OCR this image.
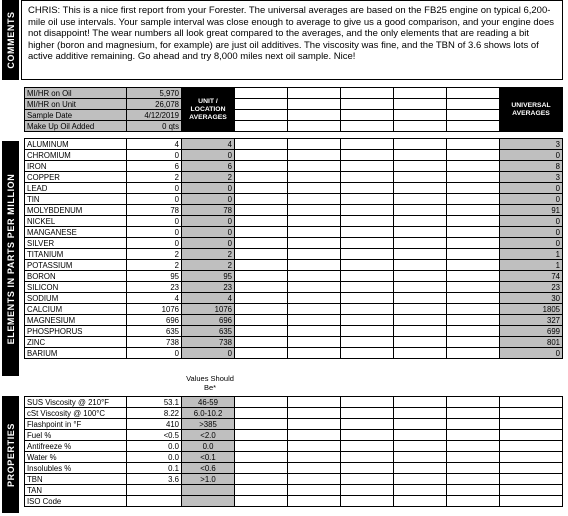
COMMENTS
CHRIS: This is a nice first report from your Forester. The universal averages are based on the FB25 engine on typical 6,200-mile oil use intervals. Your sample interval was close enough to average to give us a good comparison, and your engine does not disappoint! The wear numbers all look great compared to the averages, and the only elements that are reading a bit higher (boron and magnesium, for example) are just oil additives. The viscosity was fine, and the TBN of 3.6 shows lots of active additive remaining. Go ahead and try 8,000 miles next oil sample. Nice!
ELEMENTS IN PARTS PER MILLION
MI/HR on Oil	5,970	UNIT / LOCATION AVERAGES						UNIVERSAL AVERAGES
MI/HR on Unit	26,078							
Sample Date	4/12/2019							
Make Up Oil Added	0 qts							

ALUMINUM	4	4						3
CHROMIUM	0	0						0
IRON	6	6						8
COPPER	2	2						3
LEAD	0	0						0
TIN	0	0						0
MOLYBDENUM	78	78						91
NICKEL	0	0						0
MANGANESE	0	0						0
SILVER	0	0						0
TITANIUM	2	2						1
POTASSIUM	2	2						1
BORON	95	95						74
SILICON	23	23						23
SODIUM	4	4						30
CALCIUM	1076	1076						1805
MAGNESIUM	696	696						327
PHOSPHORUS	635	635						699
ZINC	738	738						801
BARIUM	0	0						0
Values Should Be*
PROPERTIES
SUS Viscosity @ 210°F	53.1	46-59						
cSt Viscosity @ 100°C	8.22	6.0-10.2						
Flashpoint in °F	410	>385						
Fuel %	<0.5	<2.0						
Antifreeze %	0.0	0.0						
Water %	0.0	<0.1						
Insolubles %	0.1	<0.6						
TBN	3.6	>1.0						
TAN								
ISO Code								
